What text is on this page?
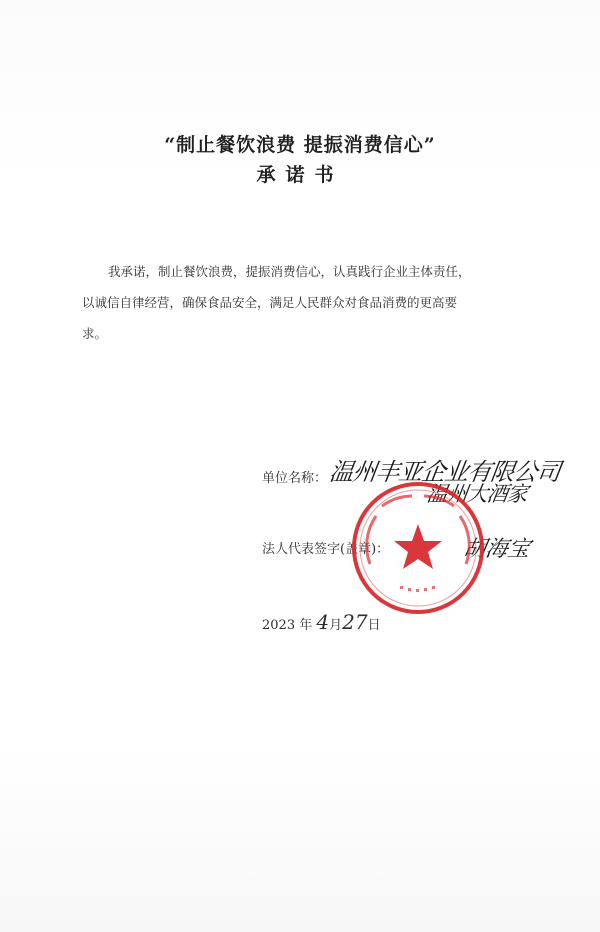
“制止餐饮浪费 提振消费信心”
承诺书
我承诺，制止餐饮浪费，提振消费信心，认真践行企业主体责任，
以诚信自律经营，确保食品安全，满足人民群众对食品消费的更高要
求。
单位名称： 温州丰亚企业有限公司
温州大酒家
法人代表签字(盖章)：	胡海宝
2023 年 4月27日
